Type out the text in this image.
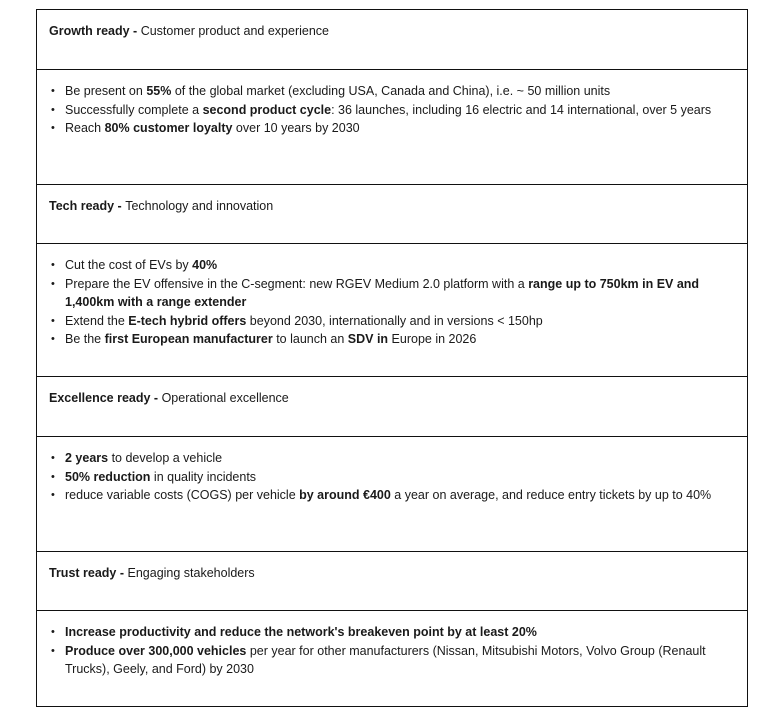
Growth ready - Customer product and experience
• Be present on 55% of the global market (excluding USA, Canada and China), i.e. ~ 50 million units
• Successfully complete a second product cycle: 36 launches, including 16 electric and 14 international, over 5 years
• Reach 80% customer loyalty over 10 years by 2030
Tech ready - Technology and innovation
• Cut the cost of EVs by 40%
• Prepare the EV offensive in the C-segment: new RGEV Medium 2.0 platform with a range up to 750km in EV and 1,400km with a range extender
• Extend the E-tech hybrid offers beyond 2030, internationally and in versions < 150hp
• Be the first European manufacturer to launch an SDV in Europe in 2026
Excellence ready - Operational excellence
• 2 years to develop a vehicle
• 50% reduction in quality incidents
• reduce variable costs (COGS) per vehicle by around €400 a year on average, and reduce entry tickets by up to 40%
Trust ready - Engaging stakeholders
• Increase productivity and reduce the network's breakeven point by at least 20%
• Produce over 300,000 vehicles per year for other manufacturers (Nissan, Mitsubishi Motors, Volvo Group (Renault Trucks), Geely, and Ford) by 2030
